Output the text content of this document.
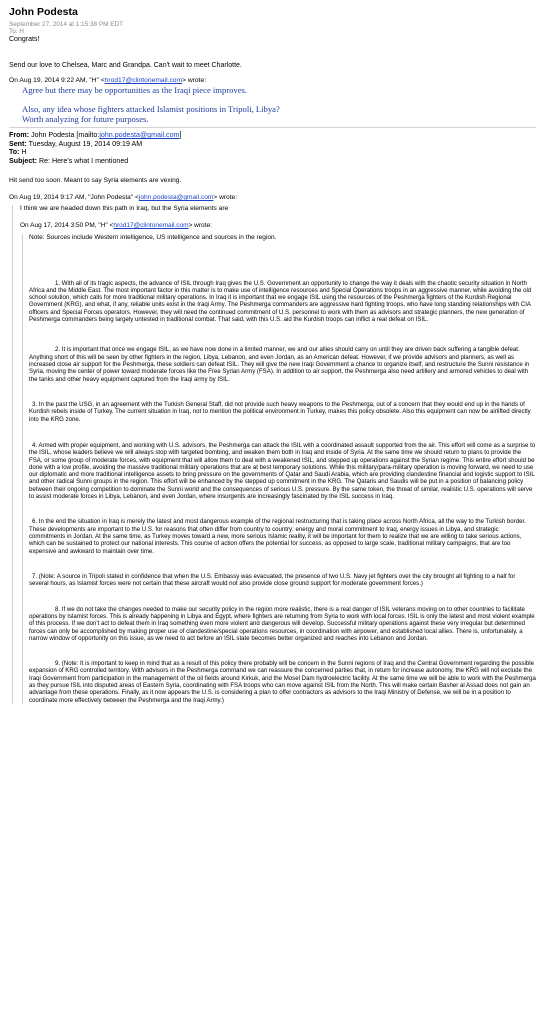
John Podesta

September 27, 2014 at 1:15:38 PM EDT

To: H

Congrats!

Send our love to Chelsea, Marc and Grandpa. Can't wait to meet Charlotte.

On Aug 19, 2014 9:22 AM, "H" <hrod17@clintonemail.com> wrote:

Agree but there may be opportunities as the Iraqi piece improves.

Also, any idea whose fighters attacked Islamist positions in Tripoli, Libya?

Worth analyzing for future purposes.

From: John Podesta [mailto:john.podesta@gmail.com]

Sent: Tuesday, August 19, 2014 09:19 AM

To: H

Subject: Re: Here's what I mentioned

Hit send too soon. Meant to say Syria elements are vexing.

On Aug 19, 2014 9:17 AM, "John Podesta" <john.podesta@gmail.com> wrote:

I think we are headed down this path in Iraq, but the Syria elements are

On Aug 17, 2014 3:50 PM, "H" <hrod17@clintonemail.com> wrote:

Note: Sources include Western intelligence, US intelligence and sources in the region.

1. With all of its tragic aspects, the advance of ISIL through Iraq gives the U.S. Government an opportunity to change the way it deals with the chaotic security situation in North Africa and the Middle East. The most important factor in this matter is to make use of intelligence resources and Special Operations troops in an aggressive manner, while avoiding the old school solution, which calls for more traditional military operations. In Iraq it is important that we engage ISIL using the resources of the Peshmerga fighters of the Kurdish Regional Government (KRG), and what, if any, reliable units exist in the Iraqi Army. The Peshmerga commanders are aggressive hard fighting troops, who have long standing relationships with CIA officers and Special Forces operators. However, they will need the continued commitment of U.S. personnel to work with them as advisors and strategic planners, the new generation of Peshmerga commanders being largely untested in traditional combat. That said, with this U.S. aid the Kurdish troops can inflict a real defeat on ISIL.

2. It is important that once we engage ISIL, as we have now done in a limited manner, we and our allies should carry on until they are driven back suffering a tangible defeat. Anything short of this will be seen by other fighters in the region, Libya, Lebanon, and even Jordan, as an American defeat. However, if we provide advisors and planners, as well as increased close air support for the Peshmerga, these soldiers can defeat ISIL. They will give the new Iraqi Government a chance to organize itself, and restructure the Sunni resistance in Syria, moving the center of power toward moderate forces like the Free Syrian Army (FSA). In addition to air support, the Peshmerga also need artillery and armored vehicles to deal with the tanks and other heavy equipment captured from the Iraqi army by ISIL.

3. In the past the USG, in an agreement with the Turkish General Staff, did not provide such heavy weapons to the Peshmerga, out of a concern that they would end up in the hands of Kurdish rebels inside of Turkey. The current situation in Iraq, not to mention the political environment in Turkey, makes this policy obsolete. Also this equipment can now be airlifted directly into the KRG zone.

4. Armed with proper equipment, and working with U.S. advisors, the Peshmerga can attack the ISIL with a coordinated assault supported from the air. This effort will come as a surprise to the ISIL, whose leaders believe we will always stop with targeted bombing, and weaken them both in Iraq and inside of Syria. At the same time we should return to plans to provide the FSA, or some group of moderate forces, with equipment that will allow them to deal with a weakened ISIL, and stepped up operations against the Syrian regime. This entire effort should be done with a low profile, avoiding the massive traditional military operations that are at best temporary solutions. While this military/para-military operation is moving forward, we need to use our diplomatic and more traditional intelligence assets to bring pressure on the governments of Qatar and Saudi Arabia, which are providing clandestine financial and logistic support to ISIL and other radical Sunni groups in the region. This effort will be enhanced by the stepped up commitment in the KRG. The Qataris and Saudis will be put in a position of balancing policy between their ongoing competition to dominate the Sunni world and the consequences of serious U.S. pressure. By the same token, the threat of similar, realistic U.S. operations will serve to assist moderate forces in Libya, Lebanon, and even Jordan, where insurgents are increasingly fascinated by the ISIL success in Iraq.

6. In the end the situation in Iraq is merely the latest and most dangerous example of the regional restructuring that is taking place across North Africa, all the way to the Turkish border. These developments are important to the U.S. for reasons that often differ from country to country: energy and moral commitment to Iraq, energy issues in Libya, and strategic commitments in Jordan. At the same time, as Turkey moves toward a new, more serious Islamic reality, it will be important for them to realize that we are willing to take serious actions, which can be sustained to protect our national interests. This course of action offers the potential for success, as opposed to large scale, traditional military campaigns, that are too expensive and awkward to maintain over time.

7. (Note: A source in Tripoli stated in confidence that when the U.S. Embassy was evacuated, the presence of two U.S. Navy jet fighters over the city brought all fighting to a halt for several hours, as Islamist forces were not certain that these aircraft would not also provide close ground support for moderate government forces.)

8. If we do not take the changes needed to make our security policy in the region more realistic, there is a real danger of ISIL veterans moving on to other countries to facilitate operations by Islamist forces. This is already happening in Libya and Egypt, where fighters are returning from Syria to work with local forces. ISIL is only the latest and most violent example of this process. If we don't act to defeat them in Iraq something even more violent and dangerous will develop. Successful military operations against these very irregular but determined forces can only be accomplished by making proper use of clandestine/special operations resources, in coordination with airpower, and established local allies. There is, unfortunately, a narrow window of opportunity on this issue, as we need to act before an ISIL state becomes better organized and reaches into Lebanon and Jordan.

9. (Note: It is important to keep in mind that as a result of this policy there probably will be concern in the Sunni regions of Iraq and the Central Government regarding the possible expansion of KRG controlled territory. With advisors in the Peshmerga command we can reassure the concerned parties that, in return for increase autonomy, the KRG will not exclude the Iraqi Government from participation in the management of the oil fields around Kirkuk, and the Mosel Dam hydroelectric facility. At the same time we will be able to work with the Peshmerga as they pursue ISIL into disputed areas of Eastern Syria, coordinating with FSA troops who can move against ISIL from the North. This will make certain Basher al Assad does not gain an advantage from these operations. Finally, as it now appears the U.S. is considering a plan to offer contractors as advisors to the Iraqi Ministry of Defense, we will be in a position to coordinate more effectively between the Peshmerga and the Iraqi Army.)
